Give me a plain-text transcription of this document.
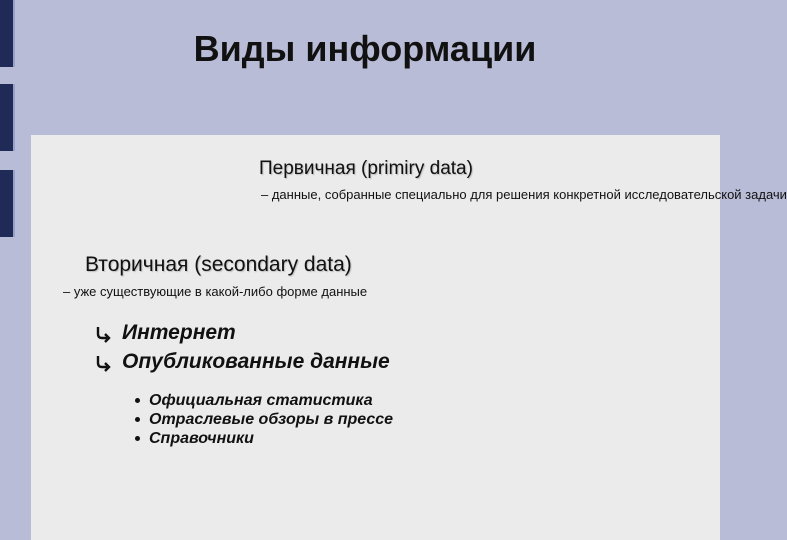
Виды информации
Первичная (primiry data)
– данные, собранные специально для решения конкретной исследовательской задачи
Вторичная (secondary data)
– уже существующие в какой-либо форме данные
Интернет
Опубликованные данные
Официальная статистика
Отраслевые обзоры в прессе
Справочники
